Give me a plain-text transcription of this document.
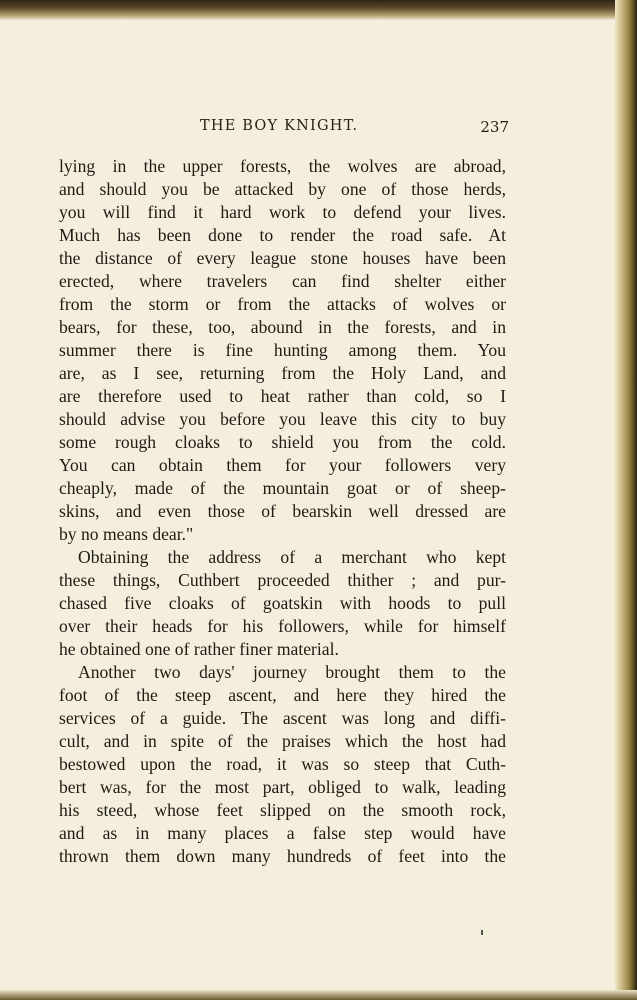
THE BOY KNIGHT.	237
lying in the upper forests, the wolves are abroad,
and should you be attacked by one of those herds,
you will find it hard work to defend your lives.
Much has been done to render the road safe. At
the distance of every league stone houses have been
erected, where travelers can find shelter either
from the storm or from the attacks of wolves or
bears, for these, too, abound in the forests, and in
summer there is fine hunting among them. You
are, as I see, returning from the Holy Land, and
are therefore used to heat rather than cold, so I
should advise you before you leave this city to buy
some rough cloaks to shield you from the cold.
You can obtain them for your followers very
cheaply, made of the mountain goat or of sheep-
skins, and even those of bearskin well dressed are
by no means dear."
Obtaining the address of a merchant who kept
these things, Cuthbert proceeded thither ; and pur-
chased five cloaks of goatskin with hoods to pull
over their heads for his followers, while for himself
he obtained one of rather finer material.
Another two days' journey brought them to the
foot of the steep ascent, and here they hired the
services of a guide. The ascent was long and diffi-
cult, and in spite of the praises which the host had
bestowed upon the road, it was so steep that Cuth-
bert was, for the most part, obliged to walk, leading
his steed, whose feet slipped on the smooth rock,
and as in many places a false step would have
thrown them down many hundreds of feet into the
